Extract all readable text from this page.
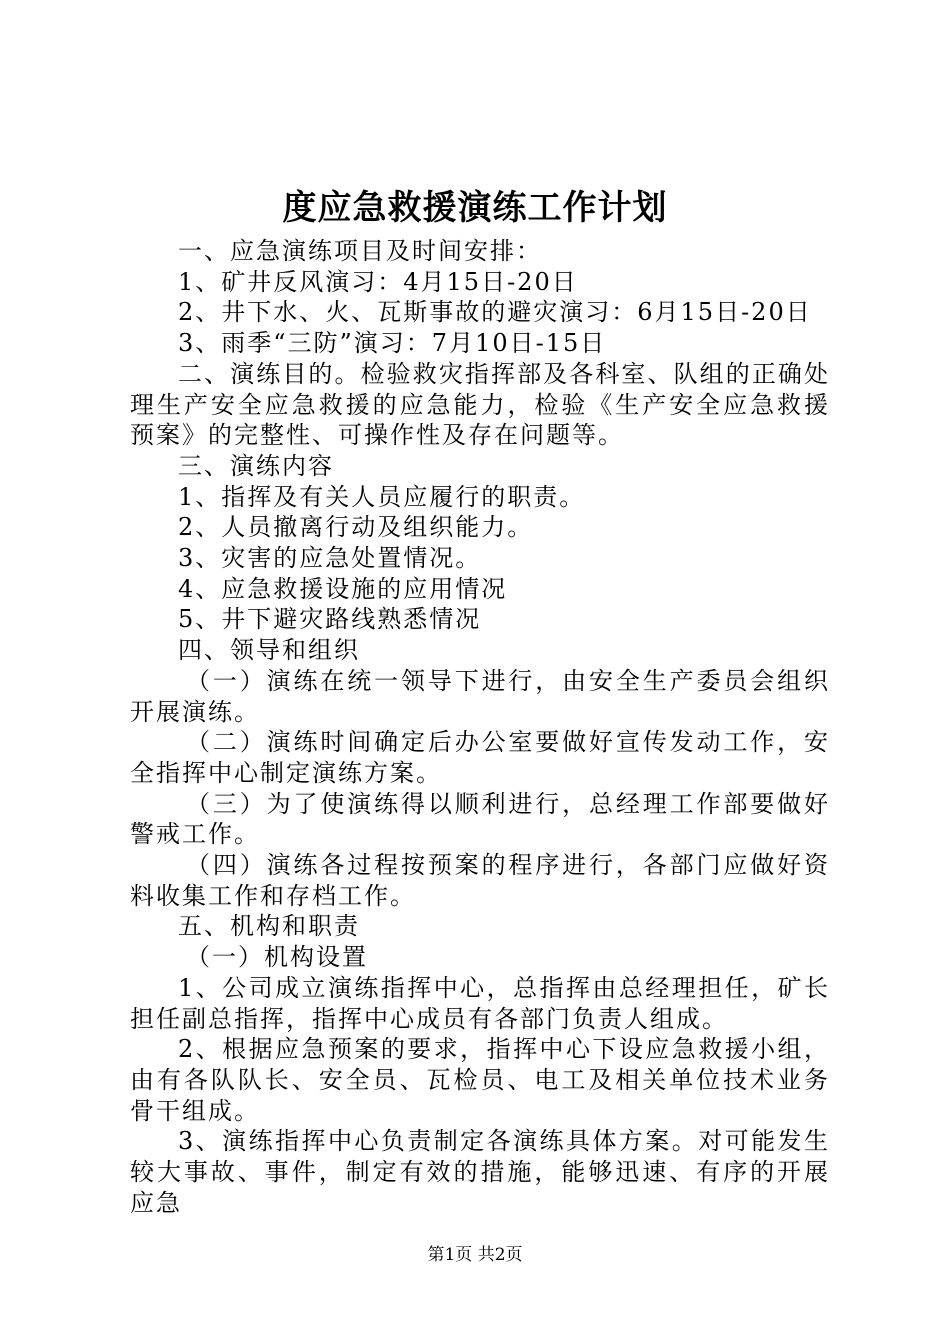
度应急救援演练工作计划

一、应急演练项目及时间安排：

1、矿井反风演习：4月15日-20日

2、井下水、火、瓦斯事故的避灾演习：6月15日-20日

3、雨季“三防”演习：7月10日-15日

二、演练目的。检验救灾指挥部及各科室、队组的正确处理生产安全应急救援的应急能力，检验《生产安全应急救援预案》的完整性、可操作性及存在问题等。

三、演练内容

1、指挥及有关人员应履行的职责。

2、人员撤离行动及组织能力。

3、灾害的应急处置情况。

4、应急救援设施的应用情况

5、井下避灾路线熟悉情况

四、领导和组织

（一）演练在统一领导下进行，由安全生产委员会组织开展演练。

（二）演练时间确定后办公室要做好宣传发动工作，安全指挥中心制定演练方案。

（三）为了使演练得以顺利进行，总经理工作部要做好警戒工作。

（四）演练各过程按预案的程序进行，各部门应做好资料收集工作和存档工作。

五、机构和职责

（一）机构设置

1、公司成立演练指挥中心，总指挥由总经理担任，矿长担任副总指挥，指挥中心成员有各部门负责人组成。

2、根据应急预案的要求，指挥中心下设应急救援小组，由有各队队长、安全员、瓦检员、电工及相关单位技术业务骨干组成。

3、演练指挥中心负责制定各演练具体方案。对可能发生较大事故、事件，制定有效的措施，能够迅速、有序的开展应急

第1页 共2页
